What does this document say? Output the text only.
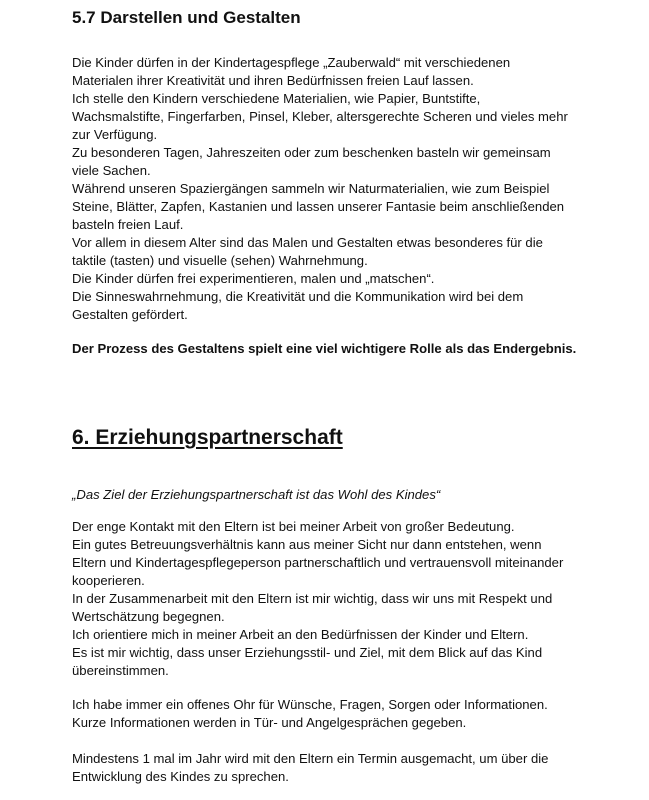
5.7 Darstellen und Gestalten
Die Kinder dürfen in der Kindertagespflege „Zauberwald“ mit verschiedenen
Materialen ihrer Kreativität und ihren Bedürfnissen freien Lauf lassen.
Ich stelle den Kindern verschiedene Materialien, wie Papier, Buntstifte,
Wachsmalstifte, Fingerfarben, Pinsel, Kleber, altersgerechte Scheren und vieles mehr
zur Verfügung.
Zu besonderen Tagen, Jahreszeiten oder zum beschenken basteln wir gemeinsam
viele Sachen.
Während unseren Spaziergängen sammeln wir Naturmaterialien, wie zum Beispiel
Steine, Blätter, Zapfen, Kastanien und lassen unserer Fantasie beim anschließenden
basteln freien Lauf.
Vor allem in diesem Alter sind das Malen und Gestalten etwas besonderes für die
taktile (tasten) und visuelle (sehen) Wahrnehmung.
Die Kinder dürfen frei experimentieren, malen und „matschen“.
Die Sinneswahrnehmung, die Kreativität und die Kommunikation wird bei dem
Gestalten gefördert.
Der Prozess des Gestaltens spielt eine viel wichtigere Rolle als das Endergebnis.
6. Erziehungspartnerschaft
„Das Ziel der Erziehungspartnerschaft ist das Wohl des Kindes“
Der enge Kontakt mit den Eltern ist bei meiner Arbeit von großer Bedeutung.
Ein gutes Betreuungsverhältnis kann aus meiner Sicht nur dann entstehen, wenn
Eltern und Kindertagespflegeperson partnerschaftlich und vertrauensvoll miteinander
kooperieren.
In der Zusammenarbeit mit den Eltern ist mir wichtig, dass wir uns mit Respekt und
Wertschätzung begegnen.
Ich orientiere mich in meiner Arbeit an den Bedürfnissen der Kinder und Eltern.
Es ist mir wichtig, dass unser Erziehungsstil- und Ziel, mit dem Blick auf das Kind
übereinstimmen.
Ich habe immer ein offenes Ohr für Wünsche, Fragen, Sorgen oder Informationen.
Kurze Informationen werden in Tür- und Angelgesprächen gegeben.
Mindestens 1 mal im Jahr wird mit den Eltern ein Termin ausgemacht, um über die
Entwicklung des Kindes zu sprechen.
